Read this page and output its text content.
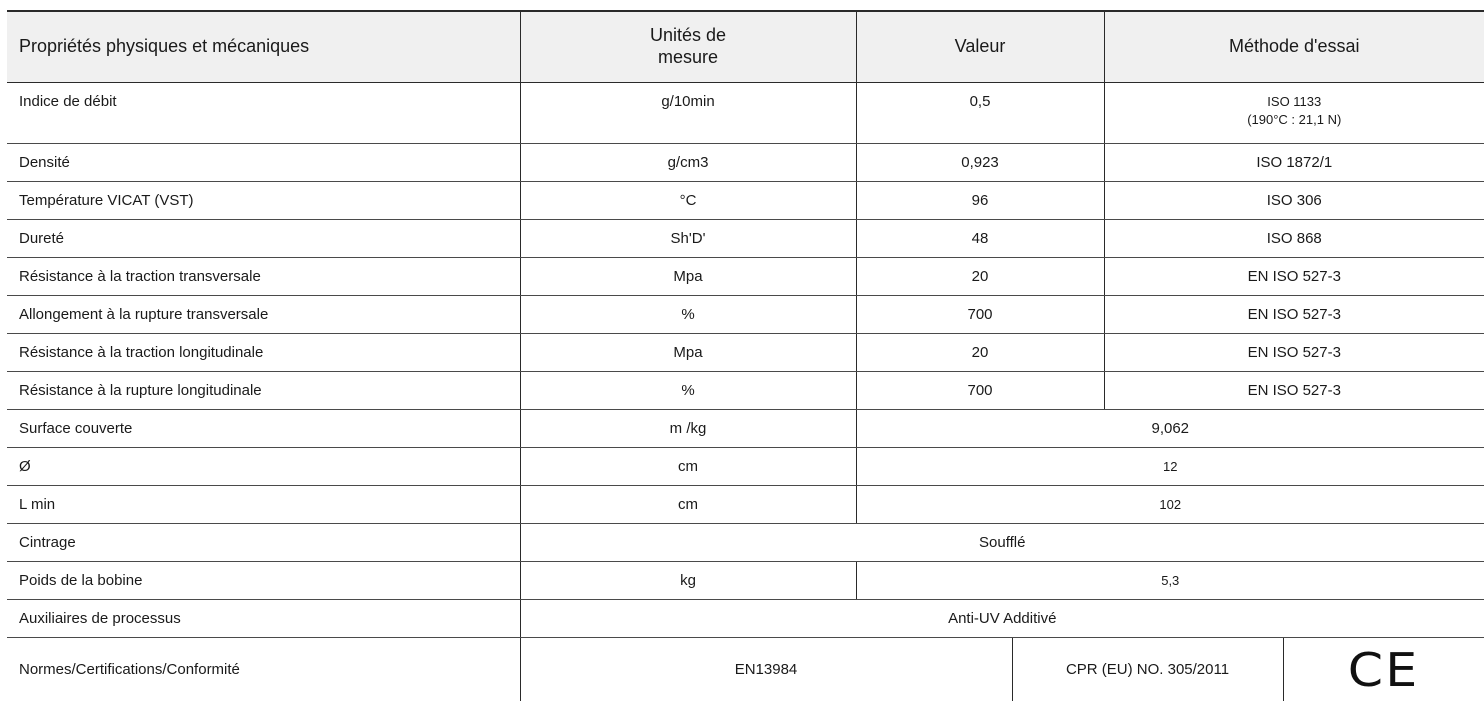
Propriétés physiques et mécaniques	Unités de
mesure	Valeur		Méthode d'essai	
Indice de débit	g/10min	0,5		ISO 1133
(190°C : 21,1 N)	

Densité	g/cm3	0,923		ISO 1872/1	
Température VICAT (VST)	°C	96		ISO 306	
Dureté	Sh'D'	48		ISO 868	
Résistance à la traction transversale	Mpa	20		EN ISO 527-3	
Allongement à la rupture transversale	%	700		EN ISO 527-3	
Résistance à la traction longitudinale	Mpa	20		EN ISO 527-3	
Résistance à la rupture longitudinale	%	700		EN ISO 527-3	
Surface couverte	m /kg	9,062			
Ø	cm	12			
L min	cm	102			
Cintrage	Soufflé				
Poids de la bobine	kg	5,3			
Auxiliaires de processus	Anti-UV Additivé				
Normes/Certifications/Conformité	EN13984		CPR (EU) NO. 305/2011		CE
